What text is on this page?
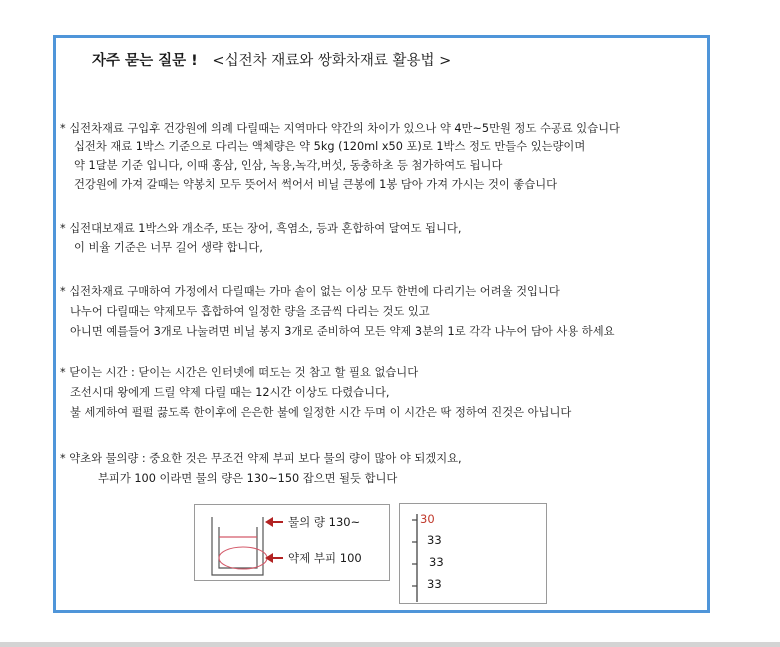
자주 묻는 질문 ! <십전차 재료와 쌍화차재료 활용법 >
* 십전차재료 구입후 건강원에 의례 다릴때는 지역마다 약간의 차이가 있으나 약 4만~5만원 정도 수공료 있습니다
십전차 재료 1박스 기준으로 다리는 액체량은 약 5kg (120ml x50 포)로 1박스 정도 만들수 있는량이며
약 1달분 기준 입니다, 이때 홍삼, 인삼, 녹용,녹각,버섯, 동충하초 등 첨가하여도 됩니다
건강원에 가져 갈때는 약봉치 모두 뜻어서 썩어서 비닐 큰봉에 1봉 담아 가져 가시는 것이 좋습니다
* 십전대보재료 1박스와 개소주, 또는 장어, 흑염소, 등과 혼합하여 달여도 됩니다,
이 비율 기준은 너무 길어 생략 합니다,
* 십전차재료 구매하여 가정에서 다릴때는 가마 솥이 없는 이상 모두 한번에 다리기는 어려울 것입니다
나누어 다릴때는 약제모두 흡합하여 일정한 량을 조금씩 다리는 것도 있고
아니면 예를들어 3개로 나눌려면 비닐 봉지 3개로 준비하여 모든 약제 3분의 1로 각각 나누어 담아 사용 하세요
* 닫이는 시간 : 닫이는 시간은 인터넷에 떠도는 것 참고 할 필요 없습니다
조선시대 왕에게 드릴 약제 다릴 때는 12시간 이상도 다렸습니다,
불 세게하여 펄펄 끓도록 한이후에 은은한 불에 일정한 시간 두며 이 시간은 딱 정하여 진것은 아닙니다
* 약초와 물의량 : 중요한 것은 무조건 약제 부피 보다 물의 량이 많아 야 되겠지요,
부피가 100 이라면 물의 량은 130~150 잡으면 될듯 합니다
물의 량 130~
약제 부피 100
30
33
33
33
